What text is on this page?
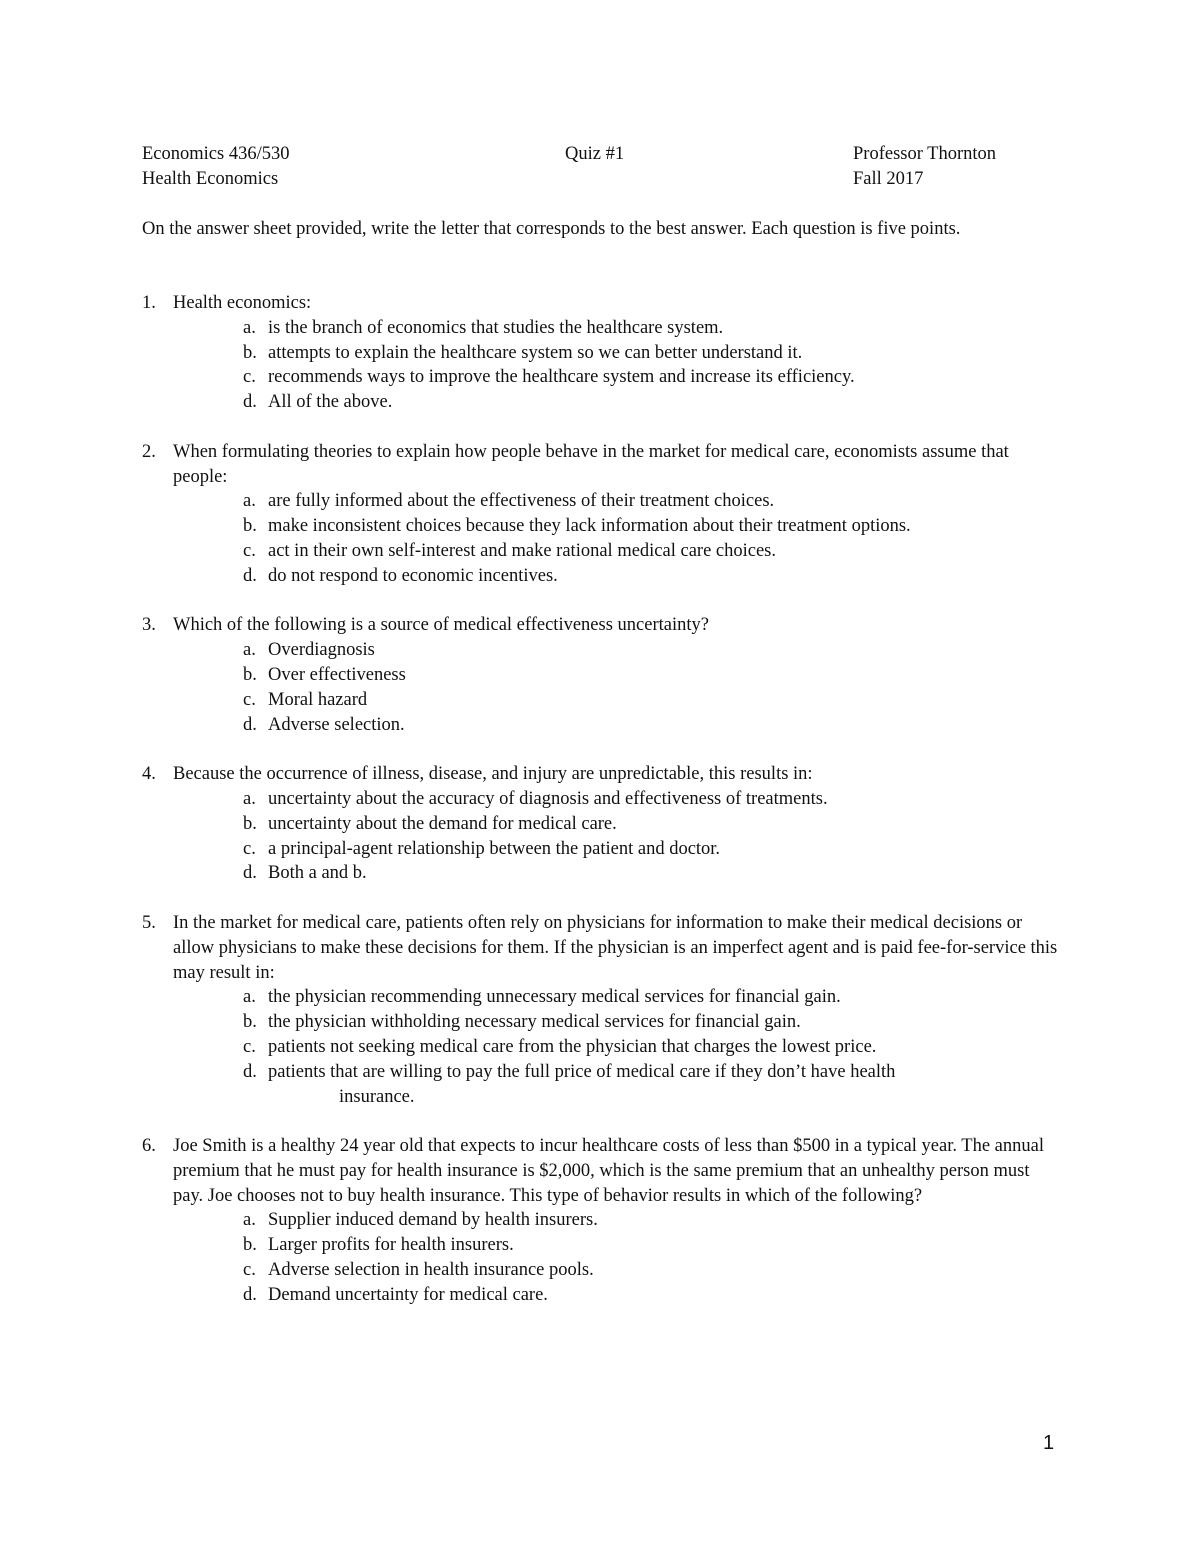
Economics 436/530	Quiz #1	Professor Thornton
Health Economics	Fall 2017

On the answer sheet provided, write the letter that corresponds to the best answer. Each question is five points.

1. Health economics:

a. is the branch of economics that studies the healthcare system.
b. attempts to explain the healthcare system so we can better understand it.
c. recommends ways to improve the healthcare system and increase its efficiency.
d. All of the above.
2. When formulating theories to explain how people behave in the market for medical care, economists assume that people:

a. are fully informed about the effectiveness of their treatment choices.
b. make inconsistent choices because they lack information about their treatment options.
c. act in their own self-interest and make rational medical care choices.
d. do not respond to economic incentives.
3. Which of the following is a source of medical effectiveness uncertainty?

a. Overdiagnosis
b. Over effectiveness
c. Moral hazard
d. Adverse selection.
4. Because the occurrence of illness, disease, and injury are unpredictable, this results in:

a. uncertainty about the accuracy of diagnosis and effectiveness of treatments.
b. uncertainty about the demand for medical care.
c. a principal-agent relationship between the patient and doctor.
d. Both a and b.
5. In the market for medical care, patients often rely on physicians for information to make their medical decisions or allow physicians to make these decisions for them. If the physician is an imperfect agent and is paid fee-for-service this may result in:

a. the physician recommending unnecessary medical services for financial gain.
b. the physician withholding necessary medical services for financial gain.
c. patients not seeking medical care from the physician that charges the lowest price.
d. patients that are willing to pay the full price of medical care if they don’t have health
insurance.
6. Joe Smith is a healthy 24 year old that expects to incur healthcare costs of less than $500 in a typical year. The annual premium that he must pay for health insurance is $2,000, which is the same premium that an unhealthy person must pay. Joe chooses not to buy health insurance. This type of behavior results in which of the following?

a. Supplier induced demand by health insurers.
b. Larger profits for health insurers.
c. Adverse selection in health insurance pools.
d. Demand uncertainty for medical care.
1
